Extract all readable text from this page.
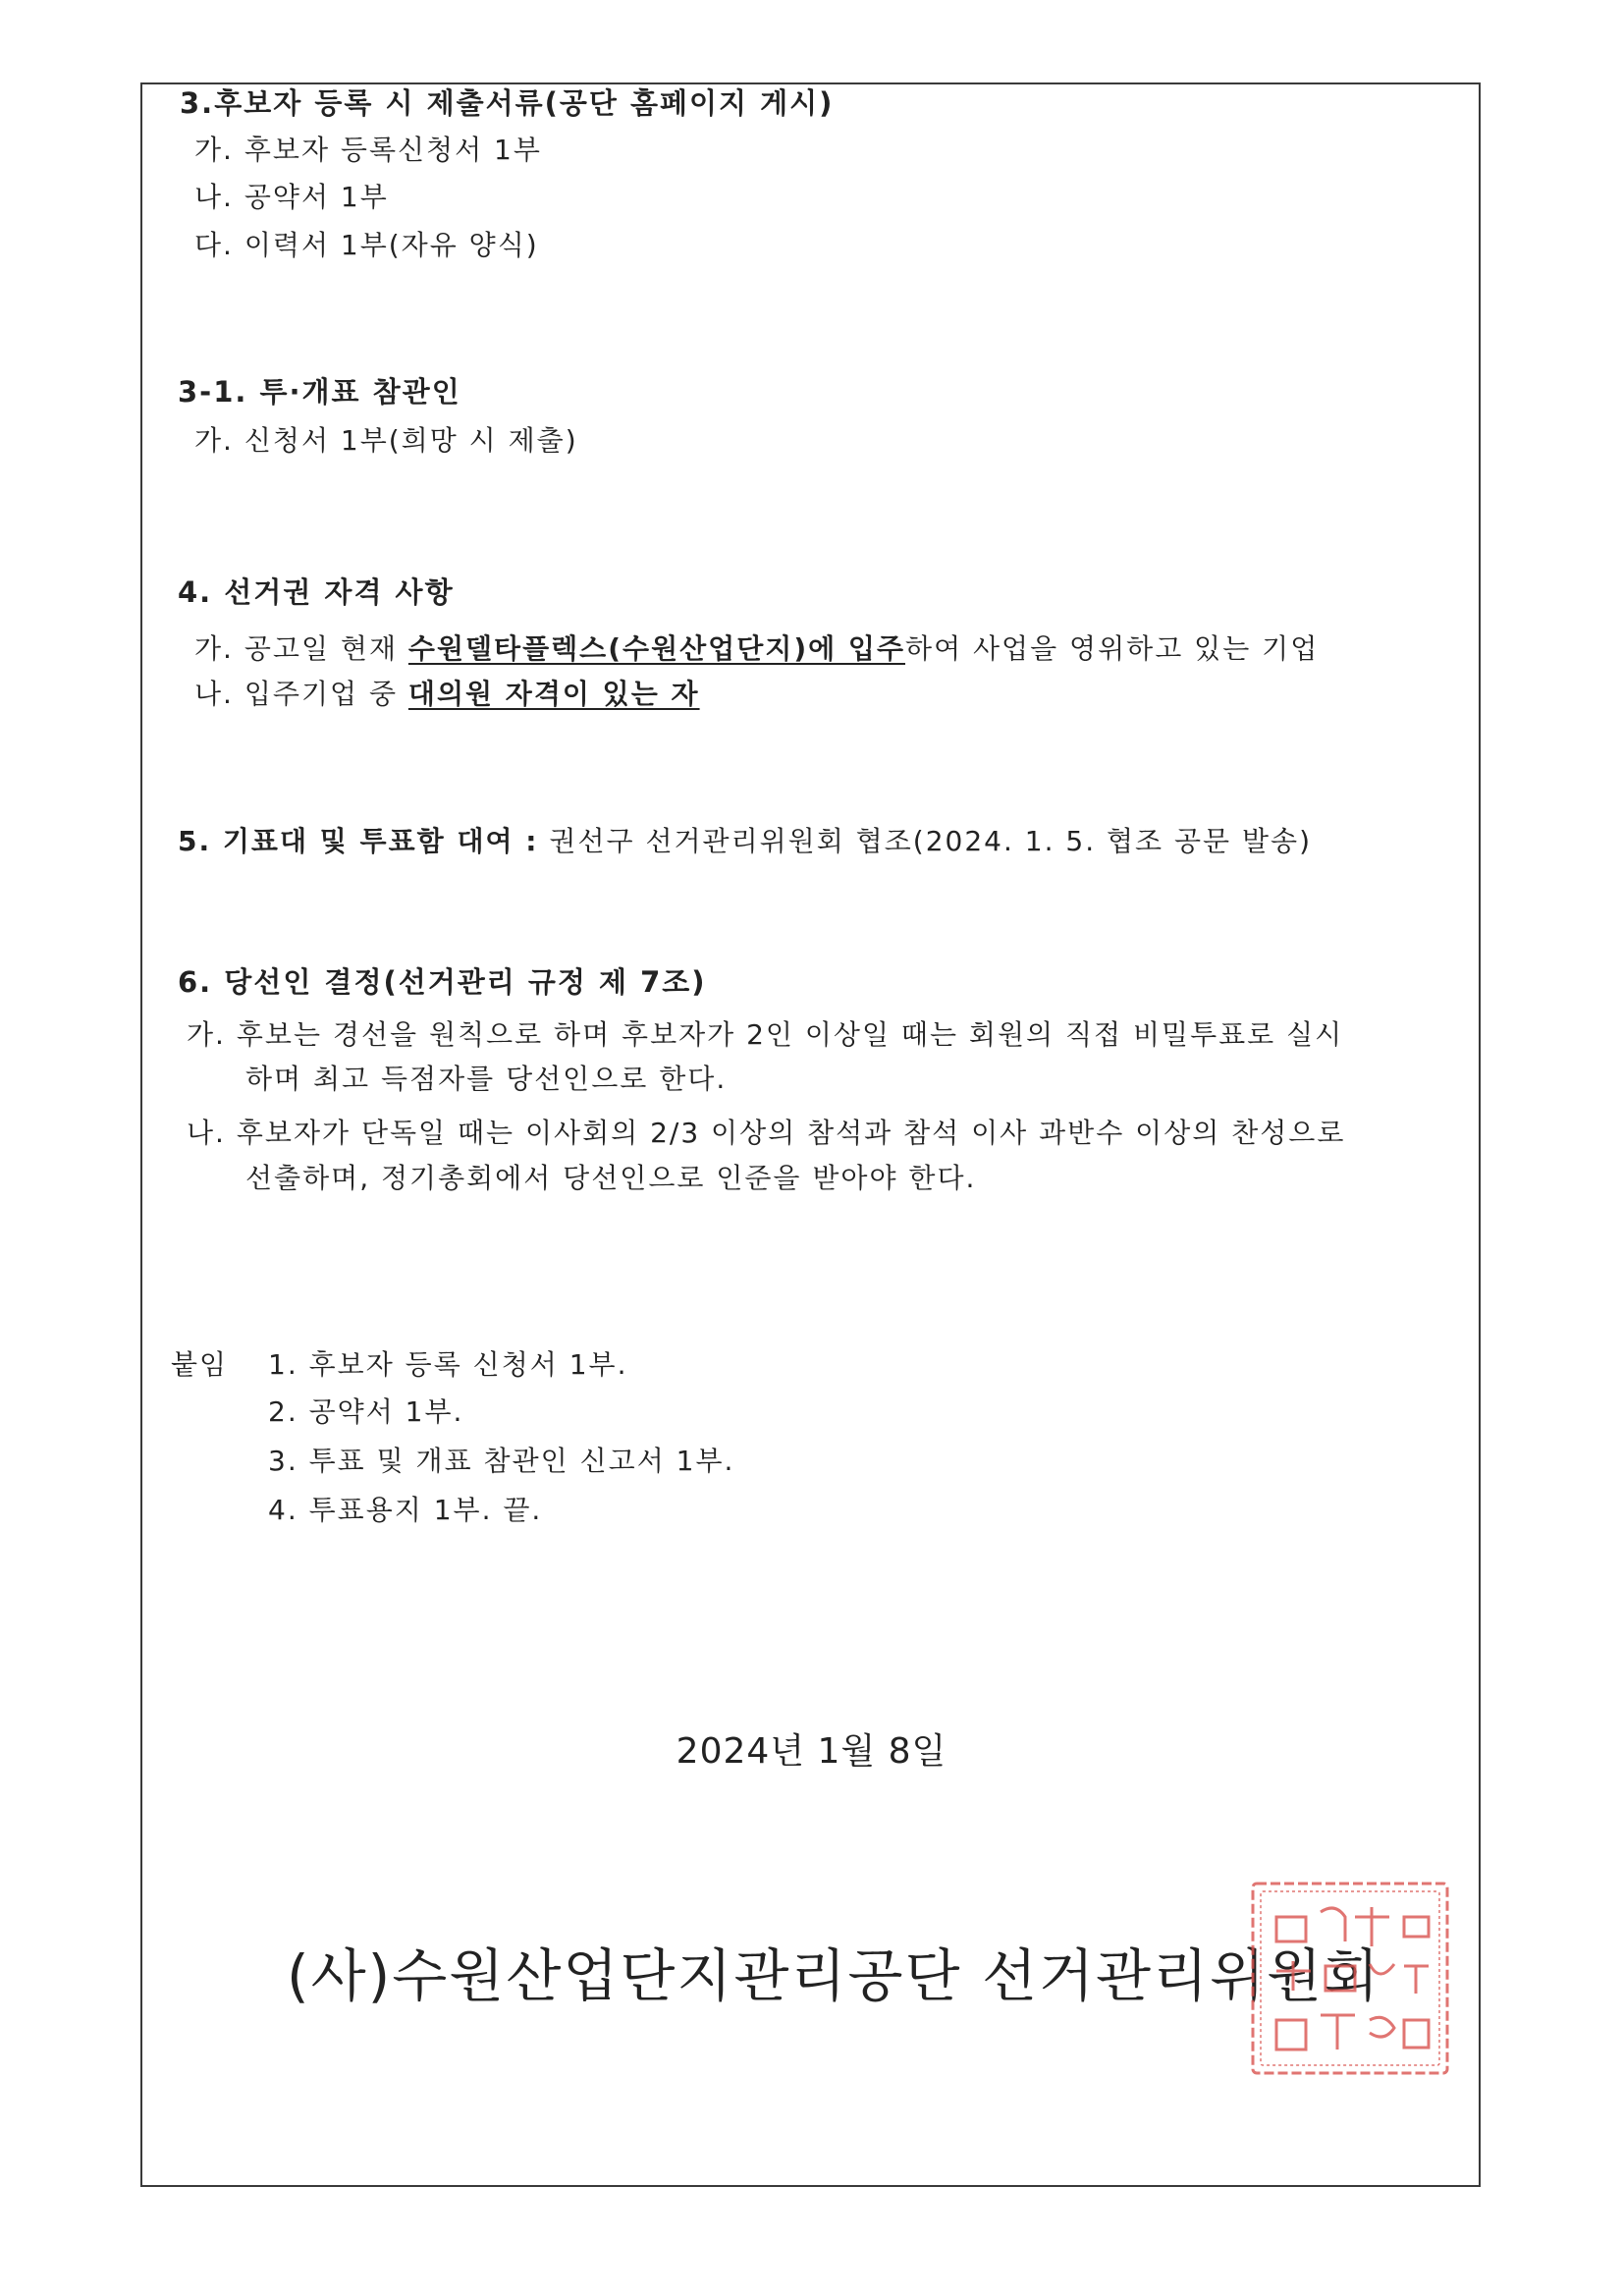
3.후보자 등록 시 제출서류(공단 홈페이지 게시)
가. 후보자 등록신청서 1부
나. 공약서 1부
다. 이력서 1부(자유 양식)
3-1. 투·개표 참관인
가. 신청서 1부(희망 시 제출)
4. 선거권 자격 사항
가. 공고일 현재 수원델타플렉스(수원산업단지)에 입주하여 사업을 영위하고 있는 기업
나. 입주기업 중 대의원 자격이 있는 자
5. 기표대 및 투표함 대여 : 권선구 선거관리위원회 협조(2024. 1. 5. 협조 공문 발송)
6. 당선인 결정(선거관리 규정 제 7조)
가. 후보는 경선을 원칙으로 하며 후보자가 2인 이상일 때는 회원의 직접 비밀투표로 실시
하며 최고 득점자를 당선인으로 한다.
나. 후보자가 단독일 때는 이사회의 2/3 이상의 참석과 참석 이사 과반수 이상의 찬성으로
선출하며, 정기총회에서 당선인으로 인준을 받아야 한다.
붙임 1. 후보자 등록 신청서 1부.
2. 공약서 1부.
3. 투표 및 개표 참관인 신고서 1부.
4. 투표용지 1부. 끝.
2024년 1월 8일
(사)수원산업단지관리공단 선거관리위원회
